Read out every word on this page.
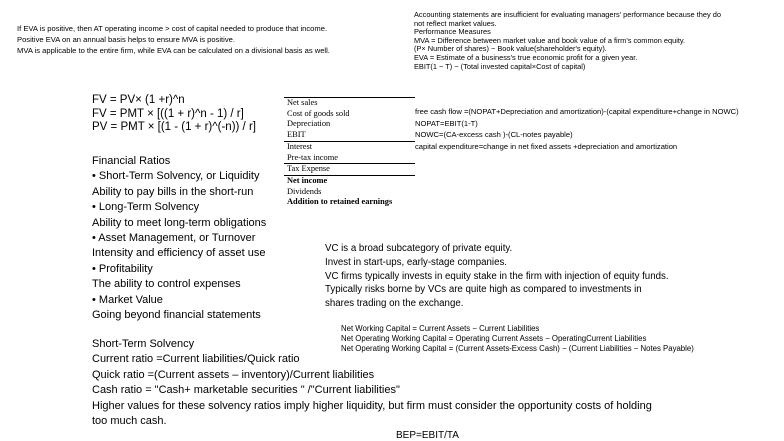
If EVA is positive, then AT operating income > cost of capital needed to produce that income.
Positive EVA on an annual basis helps to ensure MVA is positive.
MVA is applicable to the entire firm, while EVA can be calculated on a divisional basis as well.
Accounting statements are insufficient for evaluating managers' performance because they do
not reflect market values.
Performance Measures
MVA = Difference between market value and book value of a firm's common equity.
(P× Number of shares) − Book value(shareholder's equity).
EVA = Estimate of a business's true economic profit for a given year.
EBIT(1 − T) − (Total invested capital×Cost of capital)
FV = PV× (1 +r)^n
FV = PMT × [((1 + r)^n - 1) / r]
PV = PMT × [(1 - (1 + r)^(-n)) / r]
Financial Ratios
• Short-Term Solvency, or Liquidity
Ability to pay bills in the short-run
• Long-Term Solvency
Ability to meet long-term obligations
• Asset Management, or Turnover
Intensity and efficiency of asset use
• Profitability
The ability to control expenses
• Market Value
Going beyond financial statements
Net sales
Cost of goods sold
Depreciation
EBIT
Interest
Pre-tax income
Tax Expense
Net income
Dividends
Addition to retained earnings
free cash flow =(NOPAT+Depreciation and amortization)-(capital expenditure+change in NOWC)
NOPAT=EBIT(1-T)
NOWC=(CA-excess cash )-(CL-notes payable)
capital expenditure=change in net fixed assets +depreciation and amortization
VC is a broad subcategory of private equity.
Invest in start-ups, early-stage companies.
VC firms typically invests in equity stake in the firm with injection of equity funds.
Typically risks borne by VCs are quite high as compared to investments in
shares trading on the exchange.
Net Working Capital = Current Assets − Current Liabilities
Net Operating Working Capital = Operating Current Assets − OperatingCurrent Liabilities
Net Operating Working Capital = (Current Assets-Excess Cash) − (Current Liabilities − Notes Payable)
Short-Term Solvency
Current ratio =Current liabilities/Quick ratio
Quick ratio =(Current assets – inventory)/Current liabilities
Cash ratio = "Cash+ marketable securities " /"Current liabilities"
Higher values for these solvency ratios imply higher liquidity, but firm must consider the opportunity costs of holding
too much cash.
BEP=EBIT/TA
